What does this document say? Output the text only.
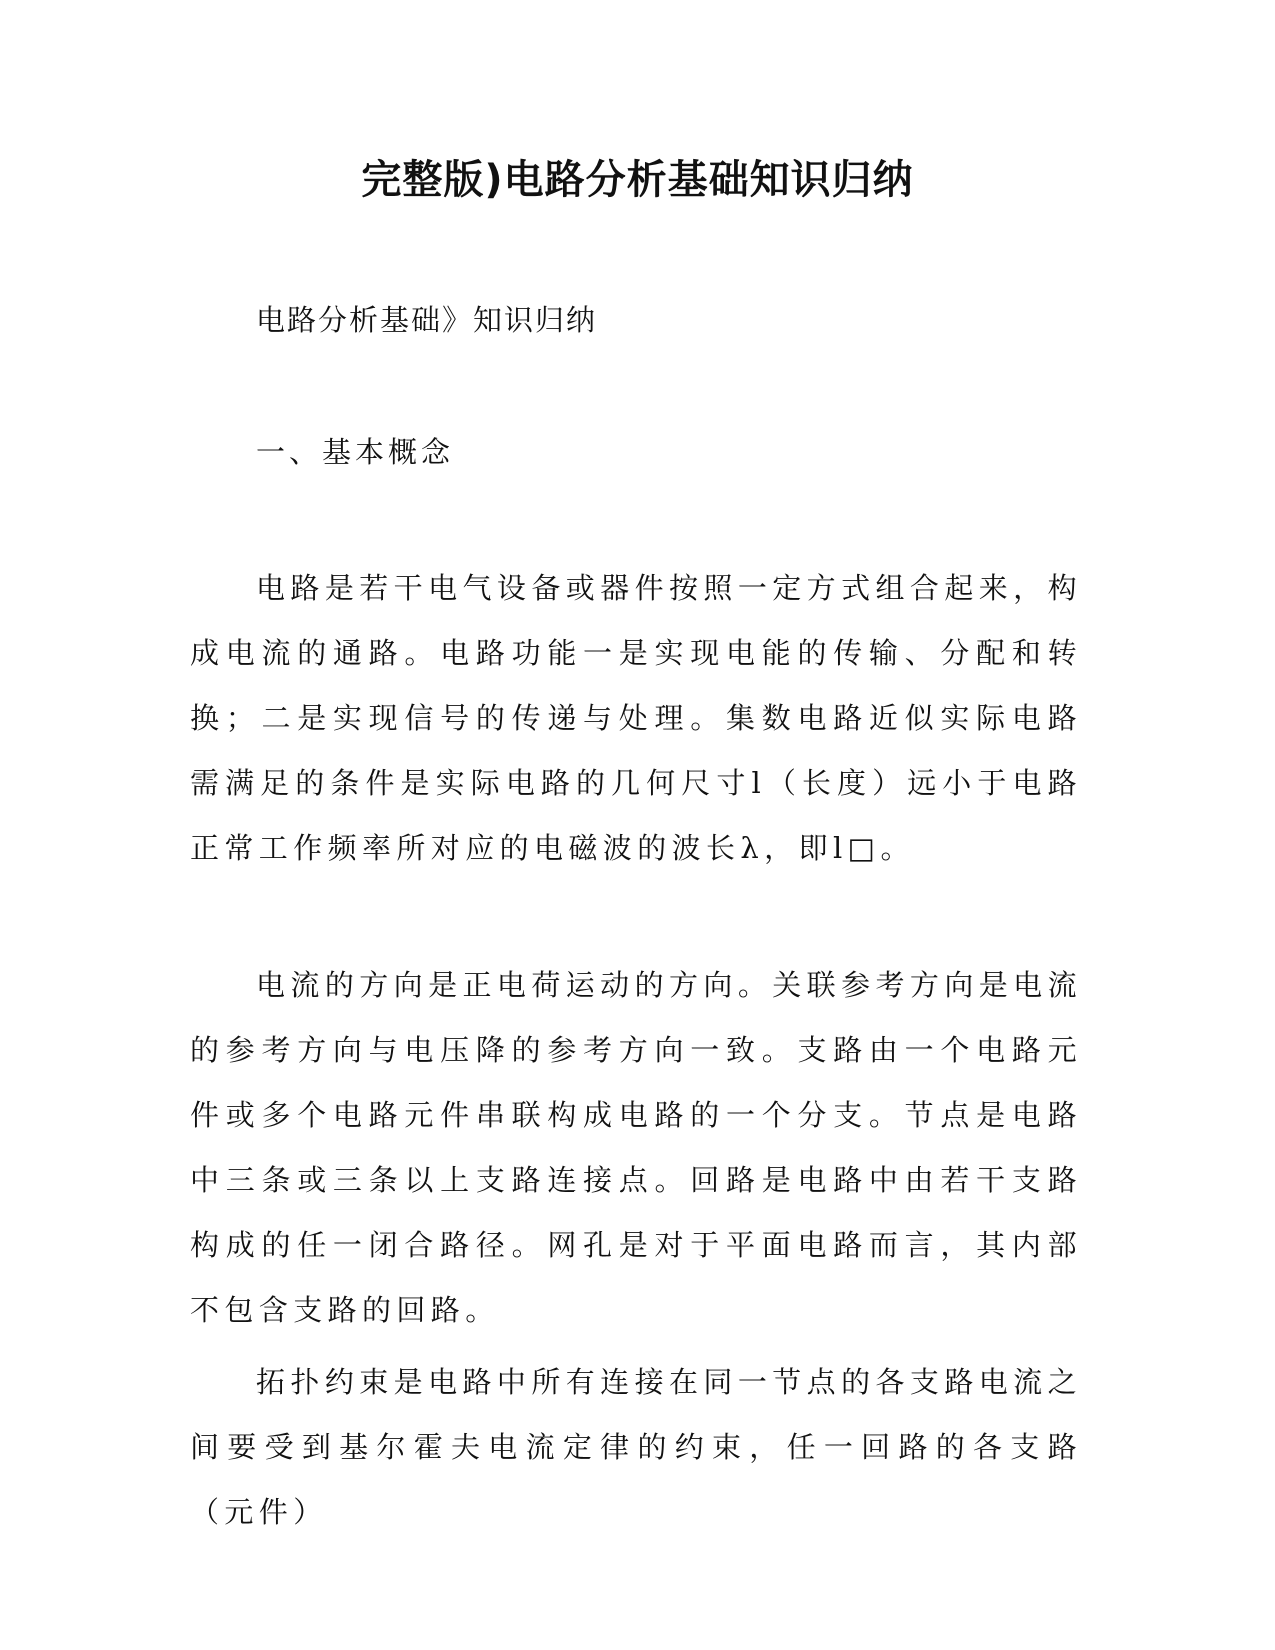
完整版)电路分析基础知识归纳

电路分析基础》知识归纳

一、基本概念

电路是若干电气设备或器件按照一定方式组合起来，构成电流的通路。电路功能一是实现电能的传输、分配和转换；二是实现信号的传递与处理。集数电路近似实际电路需满足的条件是实际电路的几何尺寸l（长度）远小于电路正常工作频率所对应的电磁波的波长λ，即l□。

电流的方向是正电荷运动的方向。关联参考方向是电流的参考方向与电压降的参考方向一致。支路由一个电路元件或多个电路元件串联构成电路的一个分支。节点是电路中三条或三条以上支路连接点。回路是电路中由若干支路构成的任一闭合路径。网孔是对于平面电路而言，其内部不包含支路的回路。

拓扑约束是电路中所有连接在同一节点的各支路电流之间要受到基尔霍夫电流定律的约束，任一回路的各支路（元件）
